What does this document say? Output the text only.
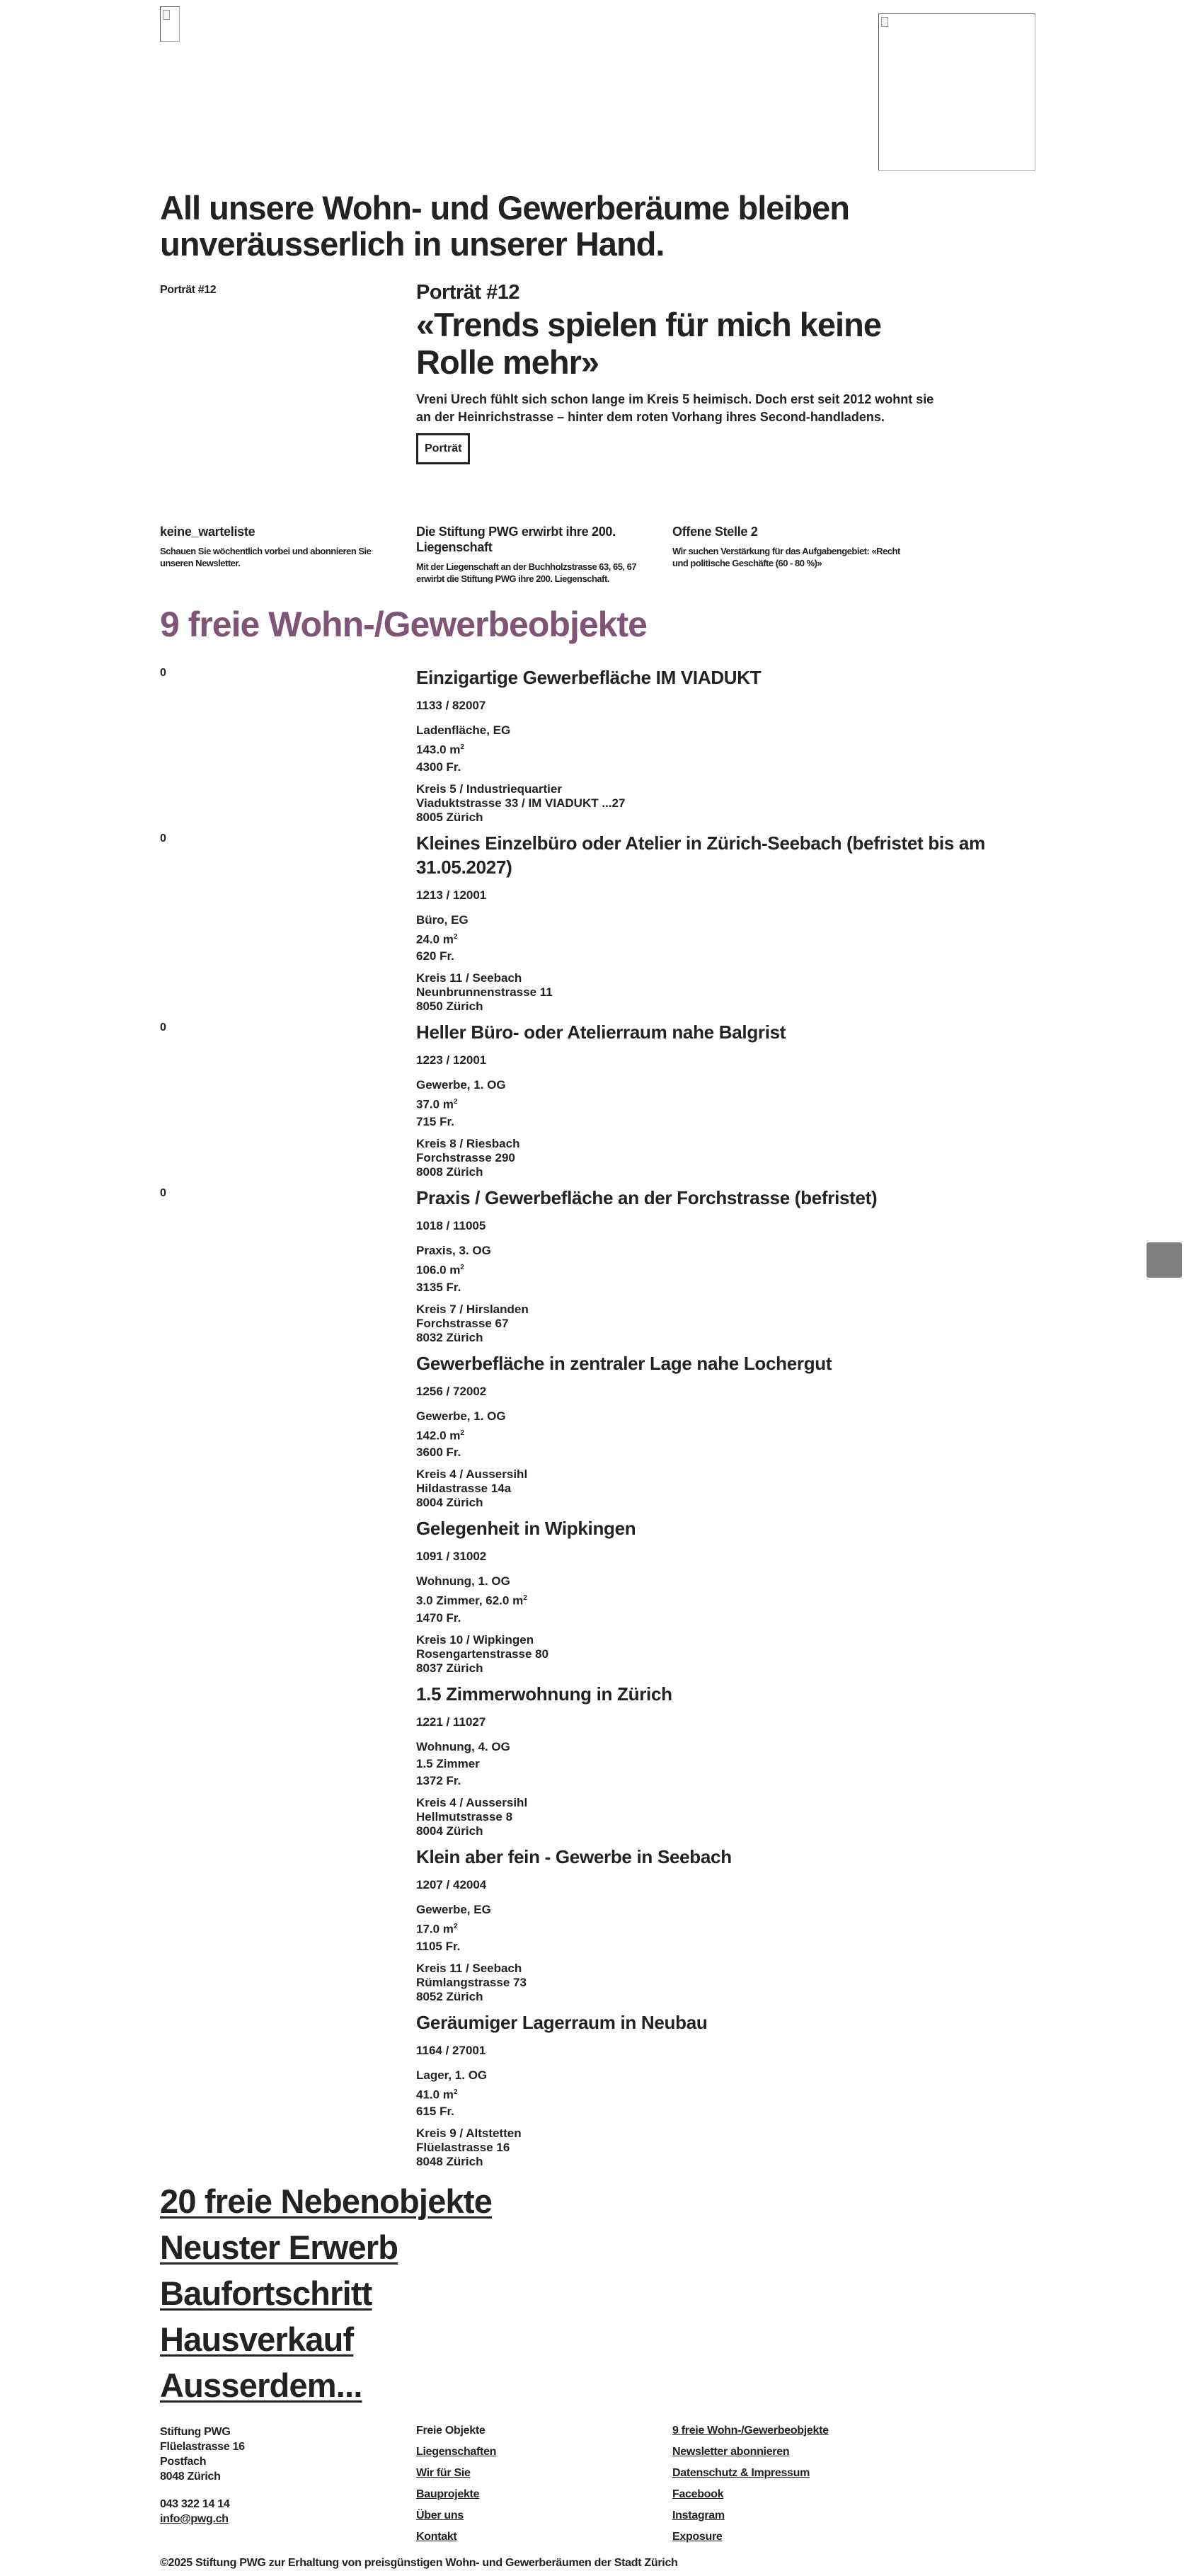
All unsere Wohn- und Gewerberäume bleiben unveräusserlich in unserer Hand.
Porträt #12	Porträt #12
«Trends spielen für mich keine Rolle mehr»

Vreni Urech fühlt sich schon lange im Kreis 5 heimisch. Doch erst seit 2012 wohnt sie an der Heinrichstrasse – hinter dem roten Vorhang ihres Second-handladens.

Porträt
keine_warteliste
Schauen Sie wöchentlich vorbei und abonnieren Sie unseren Newsletter.
Die Stiftung PWG erwirbt ihre 200. Liegenschaft
Mit der Liegenschaft an der Buchholzstrasse 63, 65, 67 erwirbt die Stiftung PWG ihre 200. Liegenschaft.
Offene Stelle 2
Wir suchen Verstärkung für das Aufgabengebiet: «Recht und politische Geschäfte (60 - 80 %)»
9 freie Wohn-/Gewerbeobjekte
0	Einzigartige Gewerbefläche IM VIADUKT
1133 / 82007
Ladenfläche, EG
143.0 $m^2$
4300 Fr.
Kreis 5 / Industriequartier
Viaduktstrasse 33 / IM VIADUKT ...27
8005 Zürich
0	Kleines Einzelbüro oder Atelier in Zürich-Seebach (befristet bis am 31.05.2027)
1213 / 12001
Büro, EG
24.0 $m^2$
620 Fr.
Kreis 11 / Seebach
Neunbrunnenstrasse 11
8050 Zürich
0	Heller Büro- oder Atelierraum nahe Balgrist
1223 / 12001
Gewerbe, 1. OG
37.0 $m^2$
715 Fr.
Kreis 8 / Riesbach
Forchstrasse 290
8008 Zürich
0	Praxis / Gewerbefläche an der Forchstrasse (befristet)
1018 / 11005
Praxis, 3. OG
106.0 $m^2$
3135 Fr.
Kreis 7 / Hirslanden
Forchstrasse 67
8032 Zürich
Gewerbefläche in zentraler Lage nahe Lochergut
1256 / 72002
Gewerbe, 1. OG
142.0 $m^2$
3600 Fr.
Kreis 4 / Aussersihl
Hildastrasse 14a
8004 Zürich
Gelegenheit in Wipkingen
1091 / 31002
Wohnung, 1. OG
3.0 Zimmer, 62.0 $m^2$
1470 Fr.
Kreis 10 / Wipkingen
Rosengartenstrasse 80
8037 Zürich
1.5 Zimmerwohnung in Zürich
1221 / 11027
Wohnung, 4. OG
1.5 Zimmer
1372 Fr.
Kreis 4 / Aussersihl
Hellmutstrasse 8
8004 Zürich
Klein aber fein - Gewerbe in Seebach
1207 / 42004
Gewerbe, EG
17.0 $m^2$
1105 Fr.
Kreis 11 / Seebach
Rümlangstrasse 73
8052 Zürich
Geräumiger Lagerraum in Neubau
1164 / 27001
Lager, 1. OG
41.0 $m^2$
615 Fr.
Kreis 9 / Altstetten
Flüelastrasse 16
8048 Zürich
20 freie Nebenobjekte
Neuster Erwerb
Baufortschritt
Hausverkauf
Ausserdem...
Stiftung PWG
Flüelastrasse 16
Postfach
8048 Zürich
043 322 14 14
info@pwg.ch
Freie Objekte
Liegenschaften
Wir für Sie
Bauprojekte
Über uns
Kontakt
9 freie Wohn-/Gewerbeobjekte
Newsletter abonnieren
Datenschutz & Impressum
Facebook
Instagram
Exposure
©2025 Stiftung PWG zur Erhaltung von preisgünstigen Wohn- und Gewerberäumen der Stadt Zürich
